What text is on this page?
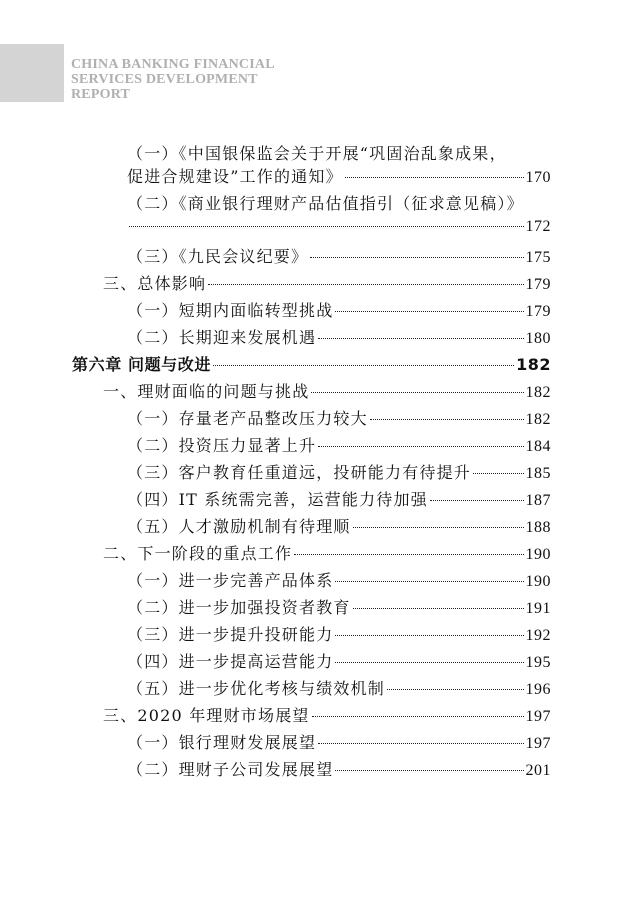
CHINA BANKING FINANCIAL
SERVICES DEVELOPMENT
REPORT
（一）《中国银保监会关于开展“巩固治乱象成果，
促进合规建设”工作的通知》	170
（二）《商业银行理财产品估值指引（征求意见稿）》
172
（三）《九民会议纪要》	175
三、总体影响	179
（一）短期内面临转型挑战	179
（二）长期迎来发展机遇	180
第六章 问题与改进	182
一、理财面临的问题与挑战	182
（一）存量老产品整改压力较大	182
（二）投资压力显著上升	184
（三）客户教育任重道远，投研能力有待提升	185
（四）IT 系统需完善，运营能力待加强	187
（五）人才激励机制有待理顺	188
二、下一阶段的重点工作	190
（一）进一步完善产品体系	190
（二）进一步加强投资者教育	191
（三）进一步提升投研能力	192
（四）进一步提高运营能力	195
（五）进一步优化考核与绩效机制	196
三、2020 年理财市场展望	197
（一）银行理财发展展望	197
（二）理财子公司发展展望	201
